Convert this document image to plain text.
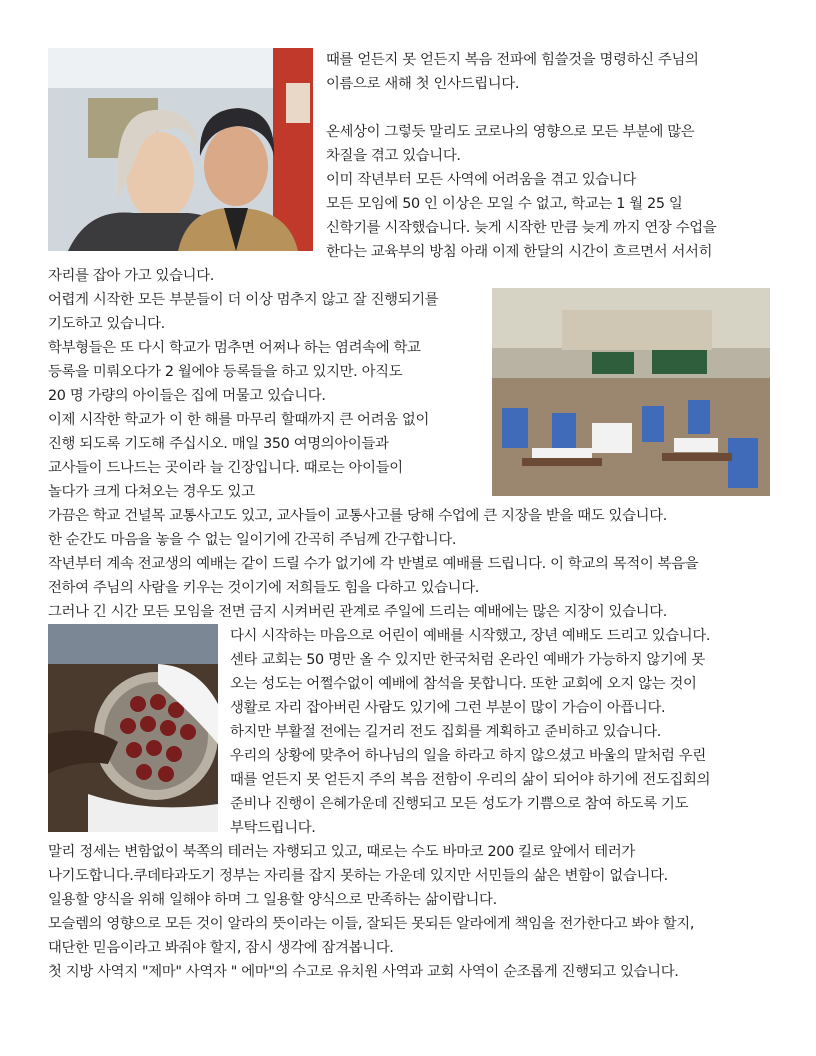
때를 얻든지 못 얻든지 복음 전파에 힘쓸것을 명령하신 주님의
이름으로 새해 첫 인사드립니다.
온세상이 그렇듯 말리도 코로나의 영향으로 모든 부분에 많은
차질을 겪고 있습니다.
이미 작년부터 모든 사역에 어려움을 겪고 있습니다
모든 모임에 50 인 이상은 모일 수 없고, 학교는 1 월 25 일
신학기를 시작했습니다. 늦게 시작한 만큼 늦게 까지 연장 수업을
한다는 교육부의 방침 아래 이제 한달의 시간이 흐르면서 서서히
자리를 잡아 가고 있습니다.
어렵게 시작한 모든 부분들이 더 이상 멈추지 않고 잘 진행되기를
기도하고 있습니다.
학부형들은 또 다시 학교가 멈추면 어쩌나 하는 염려속에 학교
등록을 미뤄오다가 2 월에야 등록들을 하고 있지만. 아직도
20 명 가량의 아이들은 집에 머물고 있습니다.
이제 시작한 학교가 이 한 해를 마무리 할때까지 큰 어려움 없이
진행 되도록 기도해 주십시오. 매일 350 여명의아이들과
교사들이 드나드는 곳이라 늘 긴장입니다. 때로는 아이들이
놀다가 크게 다쳐오는 경우도 있고
가끔은 학교 건널목 교통사고도 있고, 교사들이 교통사고를 당해 수업에 큰 지장을 받을 때도 있습니다.
한 순간도 마음을 놓을 수 없는 일이기에 간곡히 주님께 간구합니다.
작년부터 계속 전교생의 예배는 같이 드릴 수가 없기에 각 반별로 예배를 드립니다. 이 학교의 목적이 복음을
전하여 주님의 사람을 키우는 것이기에 저희들도 힘을 다하고 있습니다.
그러나 긴 시간 모든 모임을 전면 금지 시켜버린 관계로 주일에 드리는 예배에는 많은 지장이 있습니다.
다시 시작하는 마음으로 어린이 예배를 시작했고, 장년 예배도 드리고 있습니다.
센타 교회는 50 명만 올 수 있지만 한국처럼 온라인 예배가 가능하지 않기에 못
오는 성도는 어쩔수없이 예배에 참석을 못합니다. 또한 교회에 오지 않는 것이
생활로 자리 잡아버린 사람도 있기에 그런 부분이 많이 가슴이 아픕니다.
하지만 부활절 전에는 길거리 전도 집회를 계획하고 준비하고 있습니다.
우리의 상황에 맞추어 하나님의 일을 하라고 하지 않으셨고 바울의 말처럼 우린
때를 얻든지 못 얻든지 주의 복음 전함이 우리의 삶이 되어야 하기에 전도집회의
준비나 진행이 은혜가운데 진행되고 모든 성도가 기쁨으로 참여 하도록 기도
부탁드립니다.
말리 정세는 변함없이 북쪽의 테러는 자행되고 있고, 때로는 수도 바마코 200 킬로 앞에서 테러가
나기도합니다.쿠데타과도기 정부는 자리를 잡지 못하는 가운데 있지만 서민들의 삶은 변함이 없습니다.
일용할 양식을 위해 일해야 하며 그 일용할 양식으로 만족하는 삶이랍니다.
모슬렘의 영향으로 모든 것이 알라의 뜻이라는 이들, 잘되든 못되든 알라에게 책임을 전가한다고 봐야 할지,
대단한 믿음이라고 봐줘야 할지, 잠시 생각에 잠겨봅니다.
첫 지방 사역지 "제마" 사역자 " 에마"의 수고로 유치원 사역과 교회 사역이 순조롭게 진행되고 있습니다.
